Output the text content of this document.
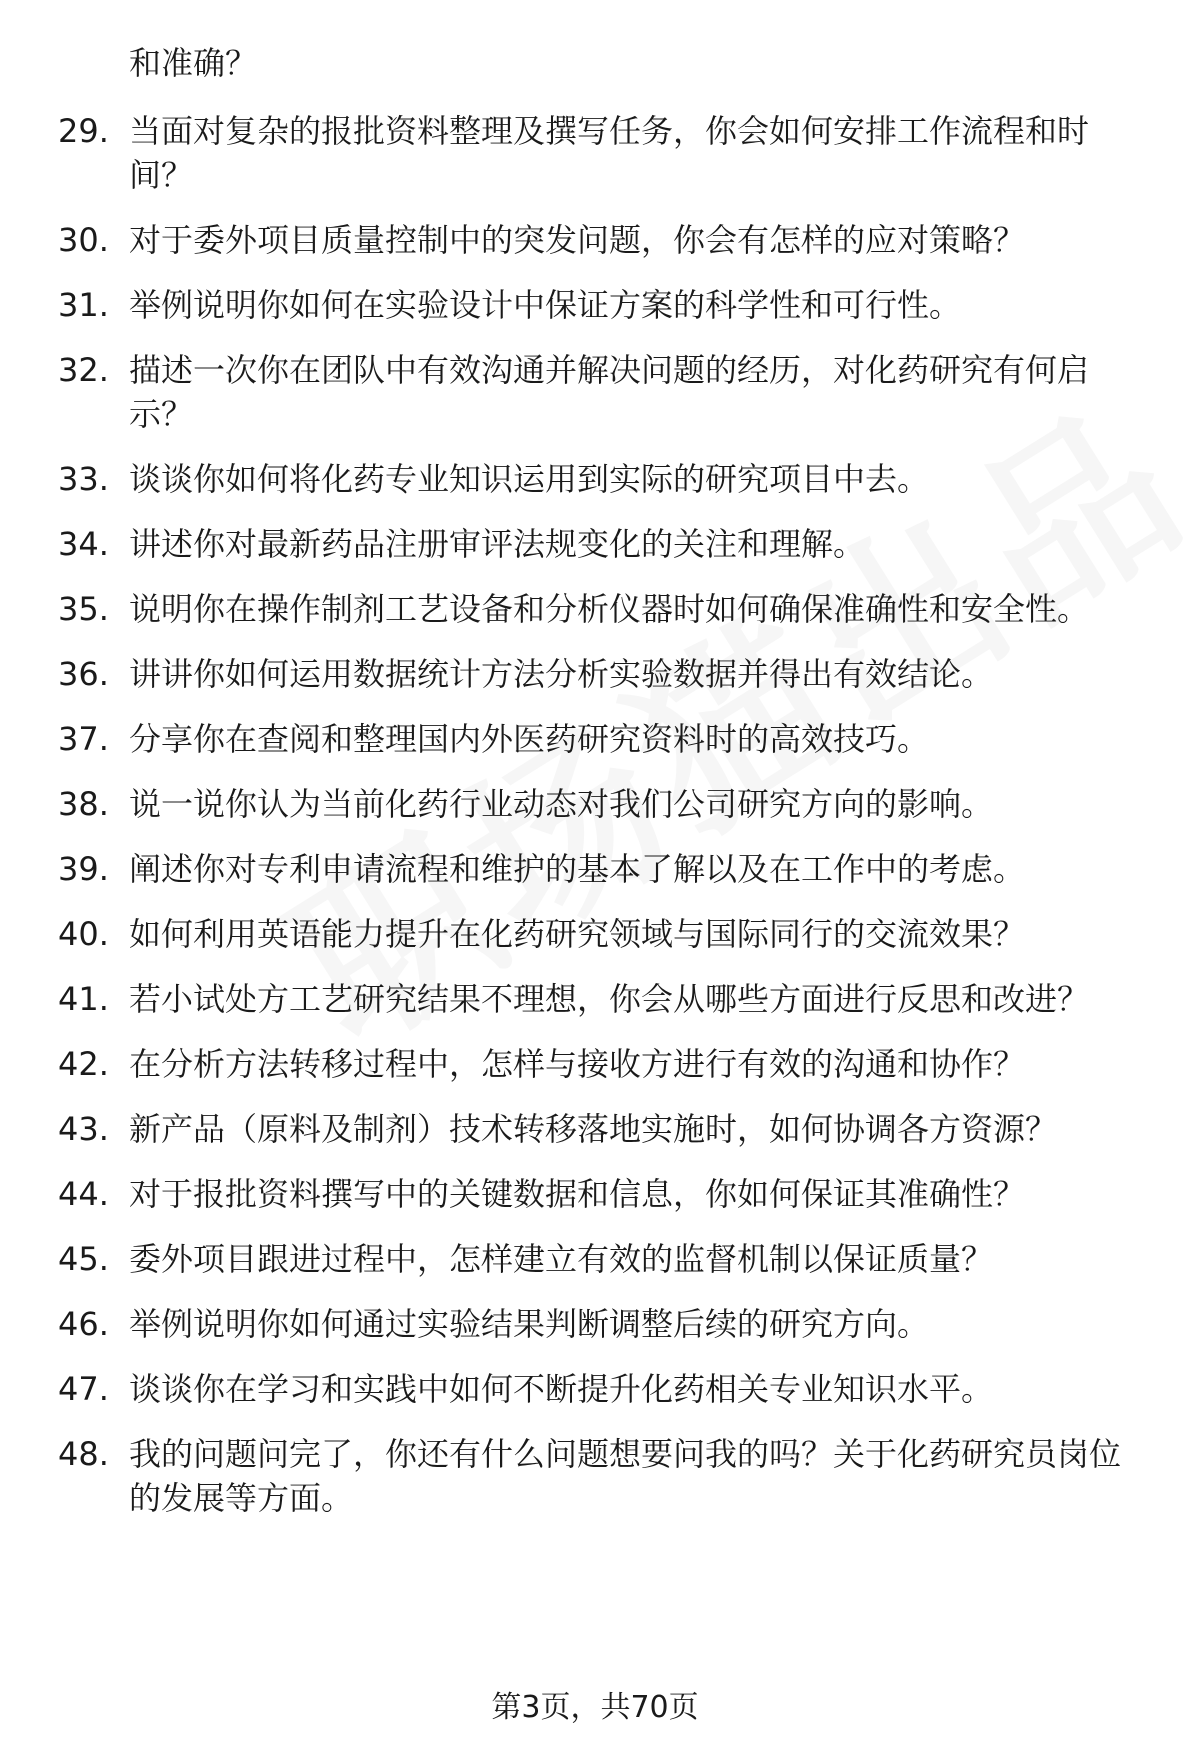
和准确？
29. 当面对复杂的报批资料整理及撰写任务，你会如何安排工作流程和时间？
30. 对于委外项目质量控制中的突发问题，你会有怎样的应对策略？
31. 举例说明你如何在实验设计中保证方案的科学性和可行性。
32. 描述一次你在团队中有效沟通并解决问题的经历，对化药研究有何启示？
33. 谈谈你如何将化药专业知识运用到实际的研究项目中去。
34. 讲述你对最新药品注册审评法规变化的关注和理解。
35. 说明你在操作制剂工艺设备和分析仪器时如何确保准确性和安全性。
36. 讲讲你如何运用数据统计方法分析实验数据并得出有效结论。
37. 分享你在查阅和整理国内外医药研究资料时的高效技巧。
38. 说一说你认为当前化药行业动态对我们公司研究方向的影响。
39. 阐述你对专利申请流程和维护的基本了解以及在工作中的考虑。
40. 如何利用英语能力提升在化药研究领域与国际同行的交流效果？
41. 若小试处方工艺研究结果不理想，你会从哪些方面进行反思和改进？
42. 在分析方法转移过程中，怎样与接收方进行有效的沟通和协作？
43. 新产品（原料及制剂）技术转移落地实施时，如何协调各方资源？
44. 对于报批资料撰写中的关键数据和信息，你如何保证其准确性？
45. 委外项目跟进过程中，怎样建立有效的监督机制以保证质量？
46. 举例说明你如何通过实验结果判断调整后续的研究方向。
47. 谈谈你在学习和实践中如何不断提升化药相关专业知识水平。
48. 我的问题问完了，你还有什么问题想要问我的吗？关于化药研究员岗位的发展等方面。
第3页，共70页
